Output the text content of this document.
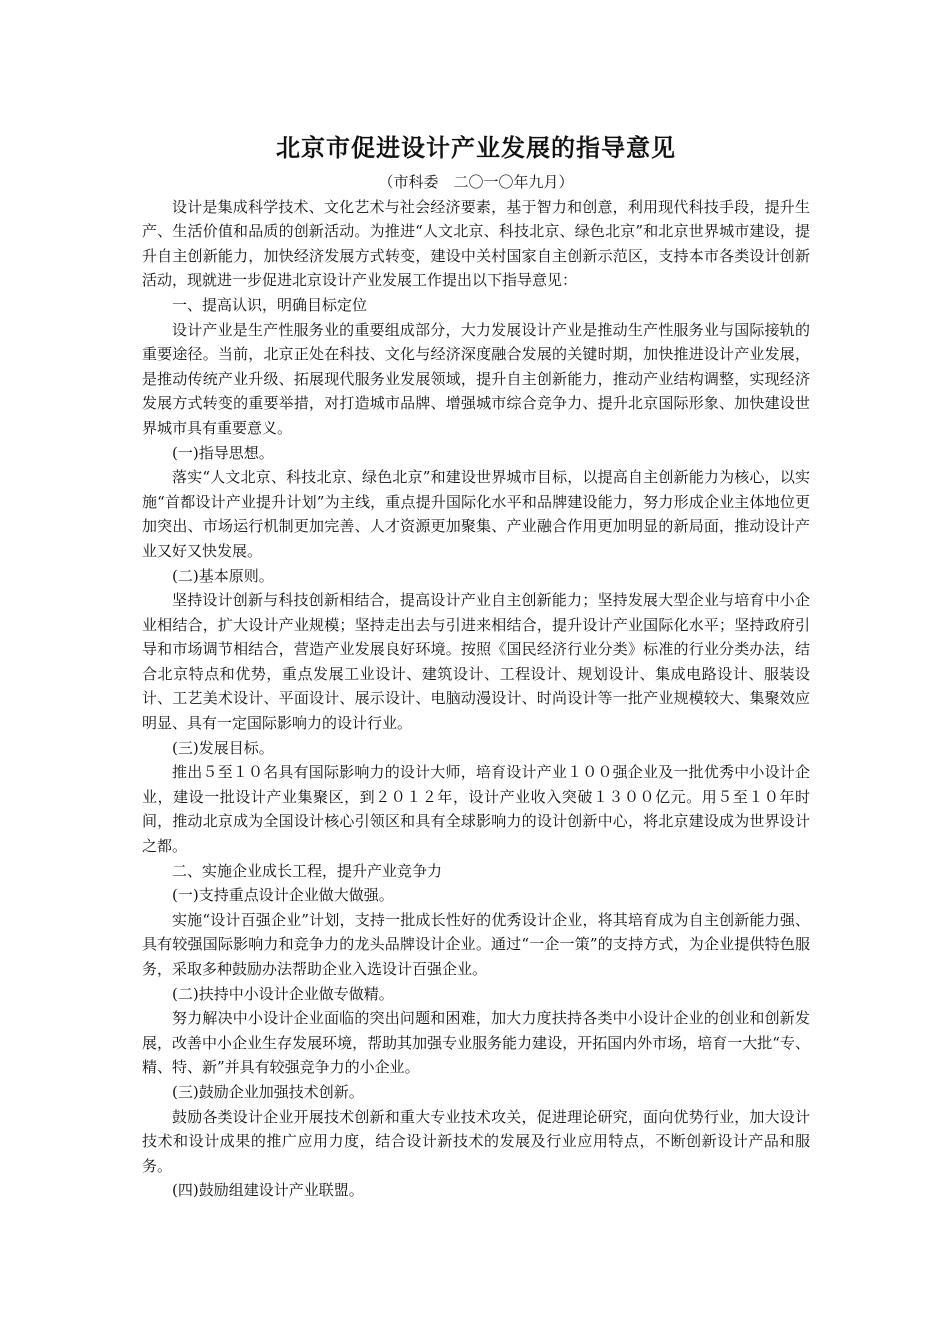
北京市促进设计产业发展的指导意见

（市科委　二〇一〇年九月）

设计是集成科学技术、文化艺术与社会经济要素，基于智力和创意，利用现代科技手段，提升生产、生活价值和品质的创新活动。为推进“人文北京、科技北京、绿色北京”和北京世界城市建设，提升自主创新能力，加快经济发展方式转变，建设中关村国家自主创新示范区，支持本市各类设计创新活动，现就进一步促进北京设计产业发展工作提出以下指导意见：

一、提高认识，明确目标定位

设计产业是生产性服务业的重要组成部分，大力发展设计产业是推动生产性服务业与国际接轨的重要途径。当前，北京正处在科技、文化与经济深度融合发展的关键时期，加快推进设计产业发展，是推动传统产业升级、拓展现代服务业发展领域，提升自主创新能力，推动产业结构调整，实现经济发展方式转变的重要举措，对打造城市品牌、增强城市综合竞争力、提升北京国际形象、加快建设世界城市具有重要意义。

(一)指导思想。

落实“人文北京、科技北京、绿色北京”和建设世界城市目标，以提高自主创新能力为核心，以实施“首都设计产业提升计划”为主线，重点提升国际化水平和品牌建设能力，努力形成企业主体地位更加突出、市场运行机制更加完善、人才资源更加聚集、产业融合作用更加明显的新局面，推动设计产业又好又快发展。

(二)基本原则。

坚持设计创新与科技创新相结合，提高设计产业自主创新能力；坚持发展大型企业与培育中小企业相结合，扩大设计产业规模；坚持走出去与引进来相结合，提升设计产业国际化水平；坚持政府引导和市场调节相结合，营造产业发展良好环境。按照《国民经济行业分类》标准的行业分类办法，结合北京特点和优势，重点发展工业设计、建筑设计、工程设计、规划设计、集成电路设计、服装设计、工艺美术设计、平面设计、展示设计、电脑动漫设计、时尚设计等一批产业规模较大、集聚效应明显、具有一定国际影响力的设计行业。

(三)发展目标。

推出５至１０名具有国际影响力的设计大师，培育设计产业１００强企业及一批优秀中小设计企业，建设一批设计产业集聚区，到２０１２年，设计产业收入突破１３００亿元。用５至１０年时间，推动北京成为全国设计核心引领区和具有全球影响力的设计创新中心，将北京建设成为世界设计之都。

二、实施企业成长工程，提升产业竞争力

(一)支持重点设计企业做大做强。

实施“设计百强企业”计划，支持一批成长性好的优秀设计企业，将其培育成为自主创新能力强、具有较强国际影响力和竞争力的龙头品牌设计企业。通过“一企一策”的支持方式，为企业提供特色服务，采取多种鼓励办法帮助企业入选设计百强企业。

(二)扶持中小设计企业做专做精。

努力解决中小设计企业面临的突出问题和困难，加大力度扶持各类中小设计企业的创业和创新发展，改善中小企业生存发展环境，帮助其加强专业服务能力建设，开拓国内外市场，培育一大批“专、精、特、新”并具有较强竞争力的小企业。

(三)鼓励企业加强技术创新。

鼓励各类设计企业开展技术创新和重大专业技术攻关，促进理论研究，面向优势行业，加大设计技术和设计成果的推广应用力度，结合设计新技术的发展及行业应用特点，不断创新设计产品和服务。

(四)鼓励组建设计产业联盟。
